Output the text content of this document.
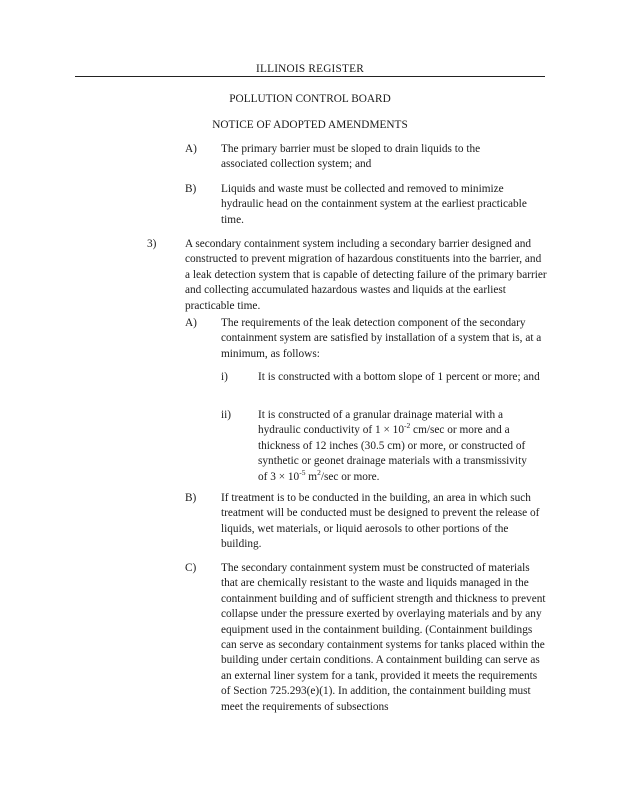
ILLINOIS REGISTER
POLLUTION CONTROL BOARD
NOTICE OF ADOPTED AMENDMENTS
A) The primary barrier must be sloped to drain liquids to the associated collection system; and

B) Liquids and waste must be collected and removed to minimize hydraulic head on the containment system at the earliest practicable time.

3)	A secondary containment system including a secondary barrier designed and constructed to prevent migration of hazardous constituents into the barrier, and a leak detection system that is capable of detecting failure of the primary barrier and collecting accumulated hazardous wastes and liquids at the earliest practicable time.

A) The requirements of the leak detection component of the secondary containment system are satisfied by installation of a system that is, at a minimum, as follows:

i)	It is constructed with a bottom slope of 1 percent or more; and

ii) It is constructed of a granular drainage material with a
hydraulic conductivity of $1 \times 10^{-2}$ cm/sec or more and a
thickness of 12 inches (30.5 cm) or more, or constructed of
synthetic or geonet drainage materials with a transmissivity
of $3 \times 10^{-5}$ $m^2/\sec$ or more.
B) If treatment is to be conducted in the building, an area in which such treatment will be conducted must be designed to prevent the release of liquids, wet materials, or liquid aerosols to other portions of the building.

C) The secondary containment system must be constructed of materials that are chemically resistant to the waste and liquids managed in the containment building and of sufficient strength and thickness to prevent collapse under the pressure exerted by overlaying materials and by any equipment used in the containment building. (Containment buildings can serve as secondary containment systems for tanks placed within the building under certain conditions. A containment building can serve as an external liner system for a tank, provided it meets the requirements of Section 725.293(e)(1). In addition, the containment building must meet the requirements of subsections
